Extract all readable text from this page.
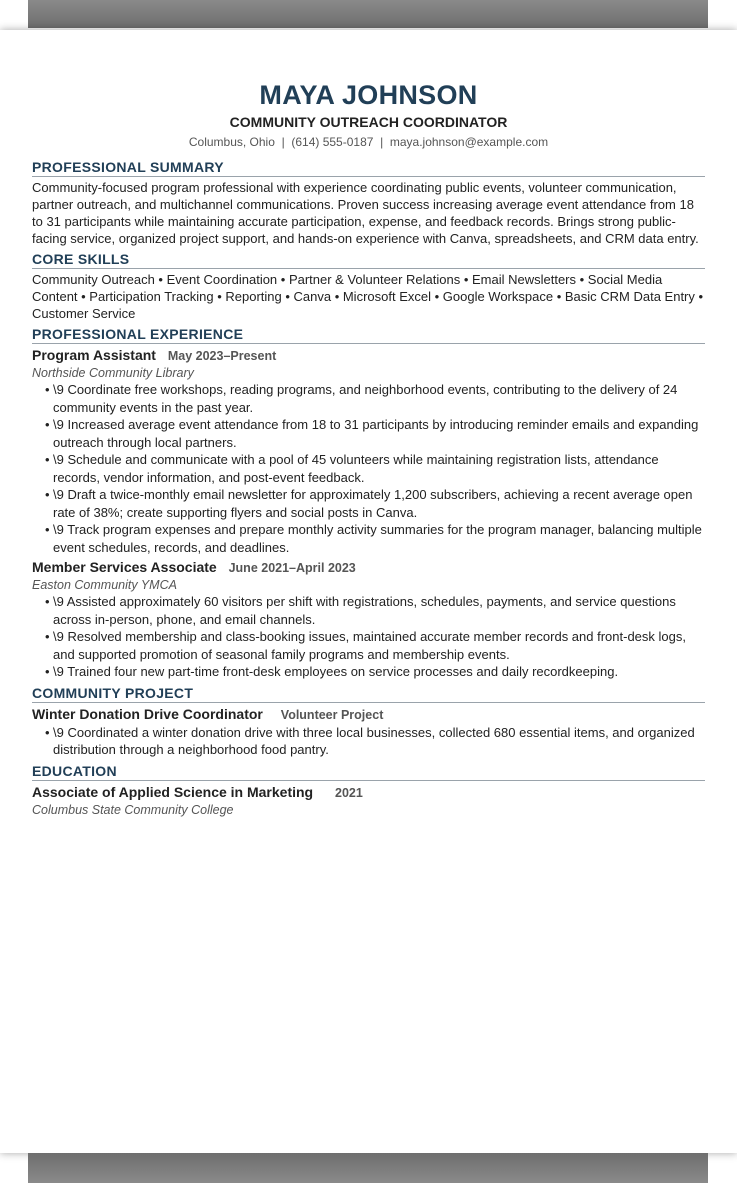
MAYA JOHNSON
COMMUNITY OUTREACH COORDINATOR
Columbus, Ohio  |  (614) 555-0187  |  maya.johnson@example.com
PROFESSIONAL SUMMARY

Community-focused program professional with experience coordinating public events, volunteer communication, partner outreach, and multichannel communications. Proven success increasing average event attendance from 18 to 31 participants while maintaining accurate participation, expense, and feedback records. Brings strong public-facing service, organized project support, and hands-on experience with Canva, spreadsheets, and CRM data entry.

CORE SKILLS

Community Outreach • Event Coordination • Partner & Volunteer Relations • Email Newsletters • Social Media Content • Participation Tracking • Reporting • Canva • Microsoft Excel • Google Workspace • Basic CRM Data Entry • Customer Service

PROFESSIONAL EXPERIENCE
Program Assistant May 2023–Present
Northside Community Library
• \9 Coordinate free workshops, reading programs, and neighborhood events, contributing to the delivery of 24 community events in the past year.
• \9 Increased average event attendance from 18 to 31 participants by introducing reminder emails and expanding outreach through local partners.
• \9 Schedule and communicate with a pool of 45 volunteers while maintaining registration lists, attendance records, vendor information, and post-event feedback.
• \9 Draft a twice-monthly email newsletter for approximately 1,200 subscribers, achieving a recent average open rate of 38%; create supporting flyers and social posts in Canva.
• \9 Track program expenses and prepare monthly activity summaries for the program manager, balancing multiple event schedules, records, and deadlines.
Member Services Associate June 2021–April 2023
Easton Community YMCA
• \9 Assisted approximately 60 visitors per shift with registrations, schedules, payments, and service questions across in-person, phone, and email channels.
• \9 Resolved membership and class-booking issues, maintained accurate member records and front-desk logs, and supported promotion of seasonal family programs and membership events.
• \9 Trained four new part-time front-desk employees on service processes and daily recordkeeping.
COMMUNITY PROJECT
Winter Donation Drive Coordinator Volunteer Project
• \9 Coordinated a winter donation drive with three local businesses, collected 680 essential items, and organized distribution through a neighborhood food pantry.
EDUCATION
Associate of Applied Science in Marketing 2021
Columbus State Community College
